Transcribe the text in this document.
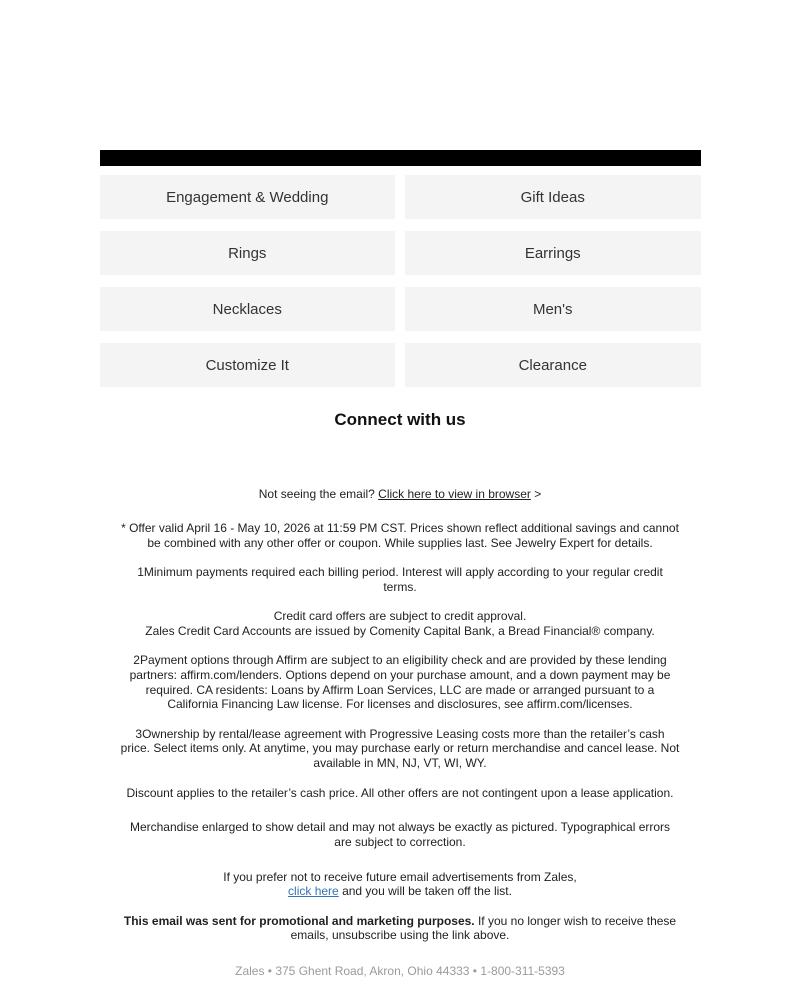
Engagement & Wedding	Gift Ideas
Rings	Earrings
Necklaces	Men's
Customize It	Clearance
Connect with us
Not seeing the email? Click here to view in browser >

* Offer valid April 16 - May 10, 2026 at 11:59 PM CST. Prices shown reflect additional savings and cannot be combined with any other offer or coupon. While supplies last. See Jewelry Expert for details.

1Minimum payments required each billing period. Interest will apply according to your regular credit terms.

Credit card offers are subject to credit approval.
Zales Credit Card Accounts are issued by Comenity Capital Bank, a Bread Financial® company.

2Payment options through Affirm are subject to an eligibility check and are provided by these lending partners: affirm.com/lenders. Options depend on your purchase amount, and a down payment may be required. CA residents: Loans by Affirm Loan Services, LLC are made or arranged pursuant to a California Financing Law license. For licenses and disclosures, see affirm.com/licenses.

3Ownership by rental/lease agreement with Progressive Leasing costs more than the retailer’s cash price. Select items only. At anytime, you may purchase early or return merchandise and cancel lease. Not available in MN, NJ, VT, WI, WY.

Discount applies to the retailer’s cash price. All other offers are not contingent upon a lease application.

Merchandise enlarged to show detail and may not always be exactly as pictured. Typographical errors are subject to correction.

If you prefer not to receive future email advertisements from Zales,
click here and you will be taken off the list.

This email was sent for promotional and marketing purposes. If you no longer wish to receive these emails, unsubscribe using the link above.

Zales • 375 Ghent Road, Akron, Ohio 44333 • 1-800-311-5393
